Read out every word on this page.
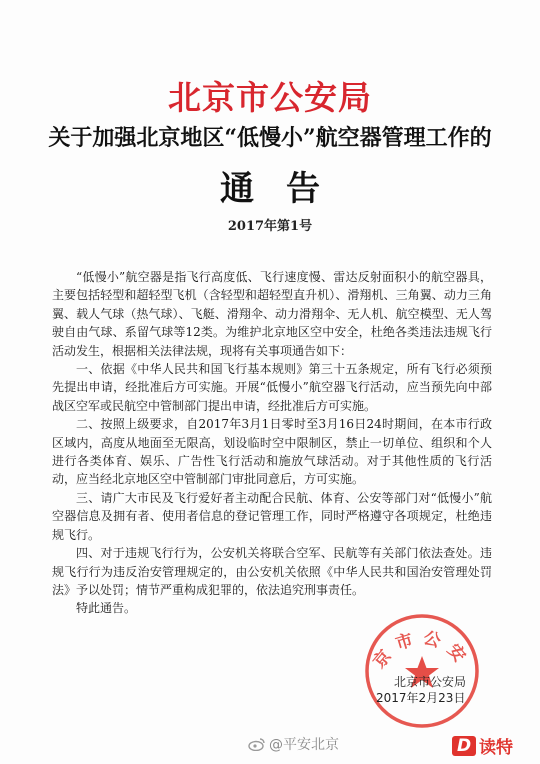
北京市公安局
关于加强北京地区“低慢小”航空器管理工作的
通告
2017年第1号

“低慢小”航空器是指飞行高度低、飞行速度慢、雷达反射面积小的航空器具，主要包括轻型和超轻型飞机（含轻型和超轻型直升机）、滑翔机、三角翼、动力三角翼、载人气球（热气球）、飞艇、滑翔伞、动力滑翔伞、无人机、航空模型、无人驾驶自由气球、系留气球等12类。为维护北京地区空中安全，杜绝各类违法违规飞行活动发生，根据相关法律法规，现将有关事项通告如下：

一、依据《中华人民共和国飞行基本规则》第三十五条规定，所有飞行必须预先提出申请，经批准后方可实施。开展“低慢小”航空器飞行活动，应当预先向中部战区空军或民航空中管制部门提出申请，经批准后方可实施。

二、按照上级要求，自2017年3月1日零时至3月16日24时期间，在本市行政区域内，高度从地面至无限高，划设临时空中限制区，禁止一切单位、组织和个人进行各类体育、娱乐、广告性飞行活动和施放气球活动。对于其他性质的飞行活动，应当经北京地区空中管制部门审批同意后，方可实施。

三、请广大市民及飞行爱好者主动配合民航、体育、公安等部门对“低慢小”航空器信息及拥有者、使用者信息的登记管理工作，同时严格遵守各项规定，杜绝违规飞行。

四、对于违规飞行行为，公安机关将联合空军、民航等有关部门依法查处。违规飞行行为违反治安管理规定的，由公安机关依照《中华人民共和国治安管理处罚法》予以处罚；情节严重构成犯罪的，依法追究刑事责任。

特此通告。

京市公安
北京市公安局
2017年2月23日
@平安北京	D 读特
